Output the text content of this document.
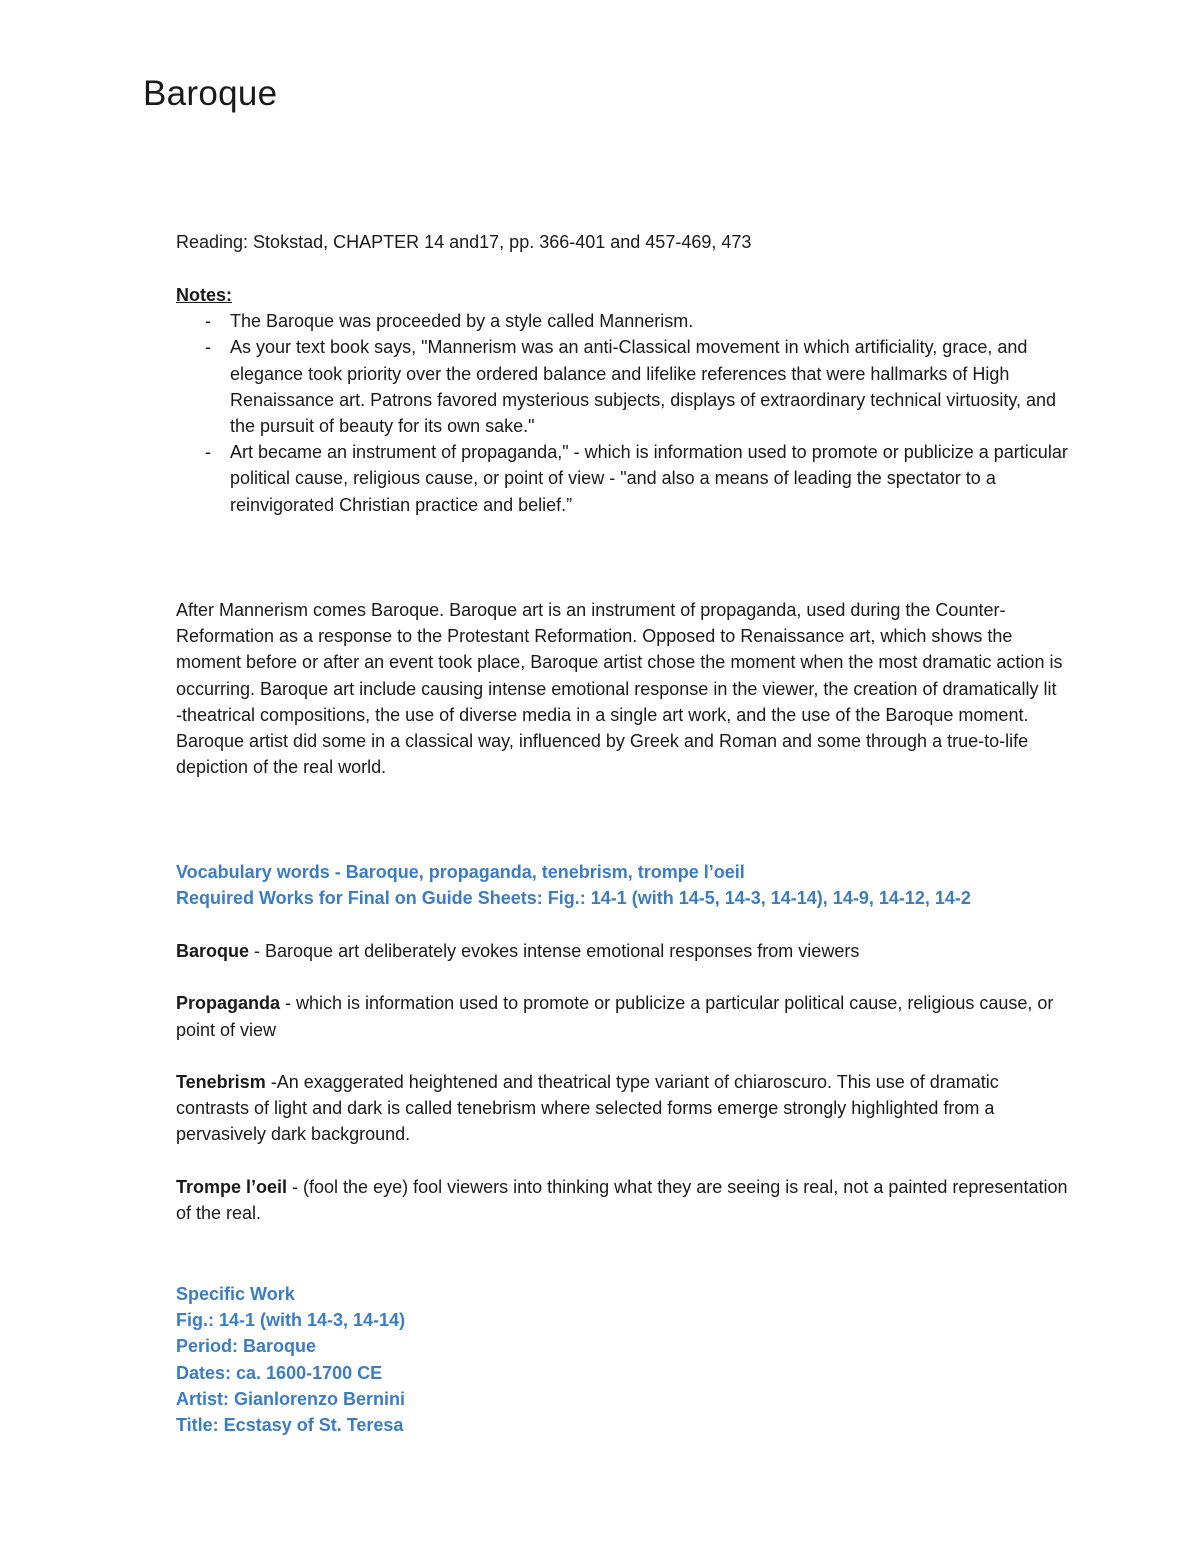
Baroque
Reading: Stokstad, CHAPTER 14 and17, pp. 366-401 and 457-469, 473
Notes:
- The Baroque was proceeded by a style called Mannerism.
- As your text book says, "Mannerism was an anti-Classical movement in which artificiality, grace, and elegance took priority over the ordered balance and lifelike references that were hallmarks of High Renaissance art. Patrons favored mysterious subjects, displays of extraordinary technical virtuosity, and the pursuit of beauty for its own sake."
- Art became an instrument of propaganda," - which is information used to promote or publicize a particular political cause, religious cause, or point of view - "and also a means of leading the spectator to a reinvigorated Christian practice and belief.”
After Mannerism comes Baroque. Baroque art is an instrument of propaganda, used during the Counter-Reformation as a response to the Protestant Reformation. Opposed to Renaissance art, which shows the moment before or after an event took place, Baroque artist chose the moment when the most dramatic action is occurring. Baroque art include causing intense emotional response in the viewer, the creation of dramatically lit -theatrical compositions, the use of diverse media in a single art work, and the use of the Baroque moment. Baroque artist did some in a classical way, influenced by Greek and Roman and some through a true-to-life depiction of the real world.
Vocabulary words - Baroque, propaganda, tenebrism, trompe l’oeil
Required Works for Final on Guide Sheets: Fig.: 14-1 (with 14-5, 14-3, 14-14), 14-9, 14-12, 14-2

Baroque - Baroque art deliberately evokes intense emotional responses from viewers

Propaganda - which is information used to promote or publicize a particular political cause, religious cause, or point of view

Tenebrism -An exaggerated heightened and theatrical type variant of chiaroscuro. This use of dramatic contrasts of light and dark is called tenebrism where selected forms emerge strongly highlighted from a pervasively dark background.

Trompe l’oeil - (fool the eye) fool viewers into thinking what they are seeing is real, not a painted representation of the real.

Specific Work
Fig.: 14-1 (with 14-3, 14-14)
Period: Baroque
Dates: ca. 1600-1700 CE
Artist: Gianlorenzo Bernini
Title: Ecstasy of St. Teresa
